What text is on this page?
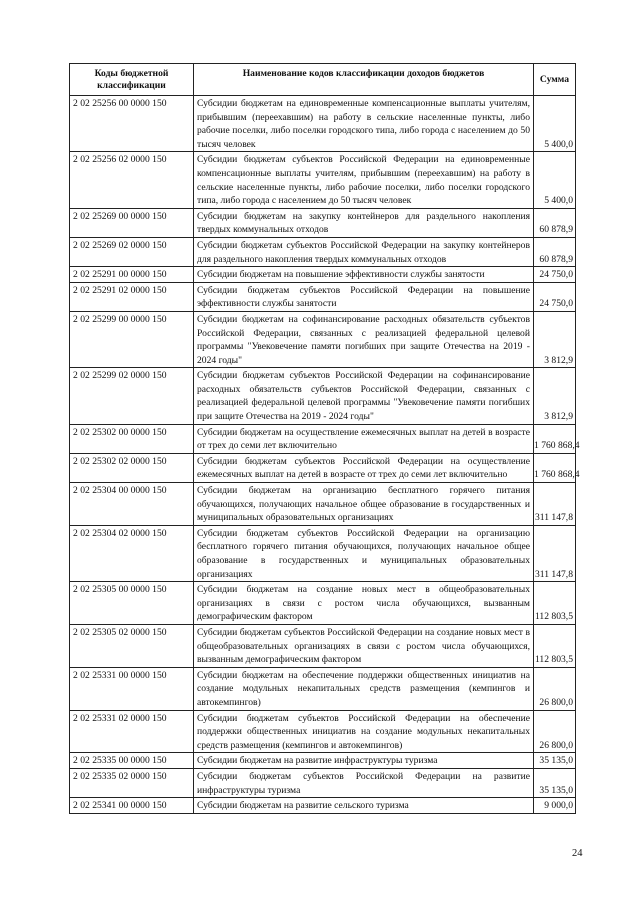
Коды бюджетной классификации	Наименование кодов классификации доходов бюджетов	Сумма
2 02 25256 00 0000 150	Субсидии бюджетам на единовременные компенсационные выплаты учителям, прибывшим (переехавшим) на работу в сельские населенные пункты, либо рабочие поселки, либо поселки городского типа, либо города с населением до 50 тысяч человек	5 400,0
2 02 25256 02 0000 150	Субсидии бюджетам субъектов Российской Федерации на единовременные компенсационные выплаты учителям, прибывшим (переехавшим) на работу в сельские населенные пункты, либо рабочие поселки, либо поселки городского типа, либо города с населением до 50 тысяч человек	5 400,0
2 02 25269 00 0000 150	Субсидии бюджетам на закупку контейнеров для раздельного накопления твердых коммунальных отходов	60 878,9
2 02 25269 02 0000 150	Субсидии бюджетам субъектов Российской Федерации на закупку контейнеров для раздельного накопления твердых коммунальных отходов	60 878,9
2 02 25291 00 0000 150	Субсидии бюджетам на повышение эффективности службы занятости	24 750,0
2 02 25291 02 0000 150	Субсидии бюджетам субъектов Российской Федерации на повышение эффективности службы занятости	24 750,0
2 02 25299 00 0000 150	Субсидии бюджетам на софинансирование расходных обязательств субъектов Российской Федерации, связанных с реализацией федеральной целевой программы "Увековечение памяти погибших при защите Отечества на 2019 - 2024 годы"	3 812,9
2 02 25299 02 0000 150	Субсидии бюджетам субъектов Российской Федерации на софинансирование расходных обязательств субъектов Российской Федерации, связанных с реализацией федеральной целевой программы "Увековечение памяти погибших при защите Отечества на 2019 - 2024 годы"	3 812,9
2 02 25302 00 0000 150	Субсидии бюджетам на осуществление ежемесячных выплат на детей в возрасте от трех до семи лет включительно	1 760 868,4
2 02 25302 02 0000 150	Субсидии бюджетам субъектов Российской Федерации на осуществление ежемесячных выплат на детей в возрасте от трех до семи лет включительно	1 760 868,4
2 02 25304 00 0000 150	Субсидии бюджетам на организацию бесплатного горячего питания обучающихся, получающих начальное общее образование в государственных и муниципальных образовательных организациях	311 147,8
2 02 25304 02 0000 150	Субсидии бюджетам субъектов Российской Федерации на организацию бесплатного горячего питания обучающихся, получающих начальное общее образование в государственных и муниципальных образовательных организациях	311 147,8
2 02 25305 00 0000 150	Субсидии бюджетам на создание новых мест в общеобразовательных организациях в связи с ростом числа обучающихся, вызванным демографическим фактором	112 803,5
2 02 25305 02 0000 150	Субсидии бюджетам субъектов Российской Федерации на создание новых мест в общеобразовательных организациях в связи с ростом числа обучающихся, вызванным демографическим фактором	112 803,5
2 02 25331 00 0000 150	Субсидии бюджетам на обеспечение поддержки общественных инициатив на создание модульных некапитальных средств размещения (кемпингов и автокемпингов)	26 800,0
2 02 25331 02 0000 150	Субсидии бюджетам субъектов Российской Федерации на обеспечение поддержки общественных инициатив на создание модульных некапитальных средств размещения (кемпингов и автокемпингов)	26 800,0
2 02 25335 00 0000 150	Субсидии бюджетам на развитие инфраструктуры туризма	35 135,0
2 02 25335 02 0000 150	Субсидии бюджетам субъектов Российской Федерации на развитие инфраструктуры туризма	35 135,0
2 02 25341 00 0000 150	Субсидии бюджетам на развитие сельского туризма	9 000,0
24
